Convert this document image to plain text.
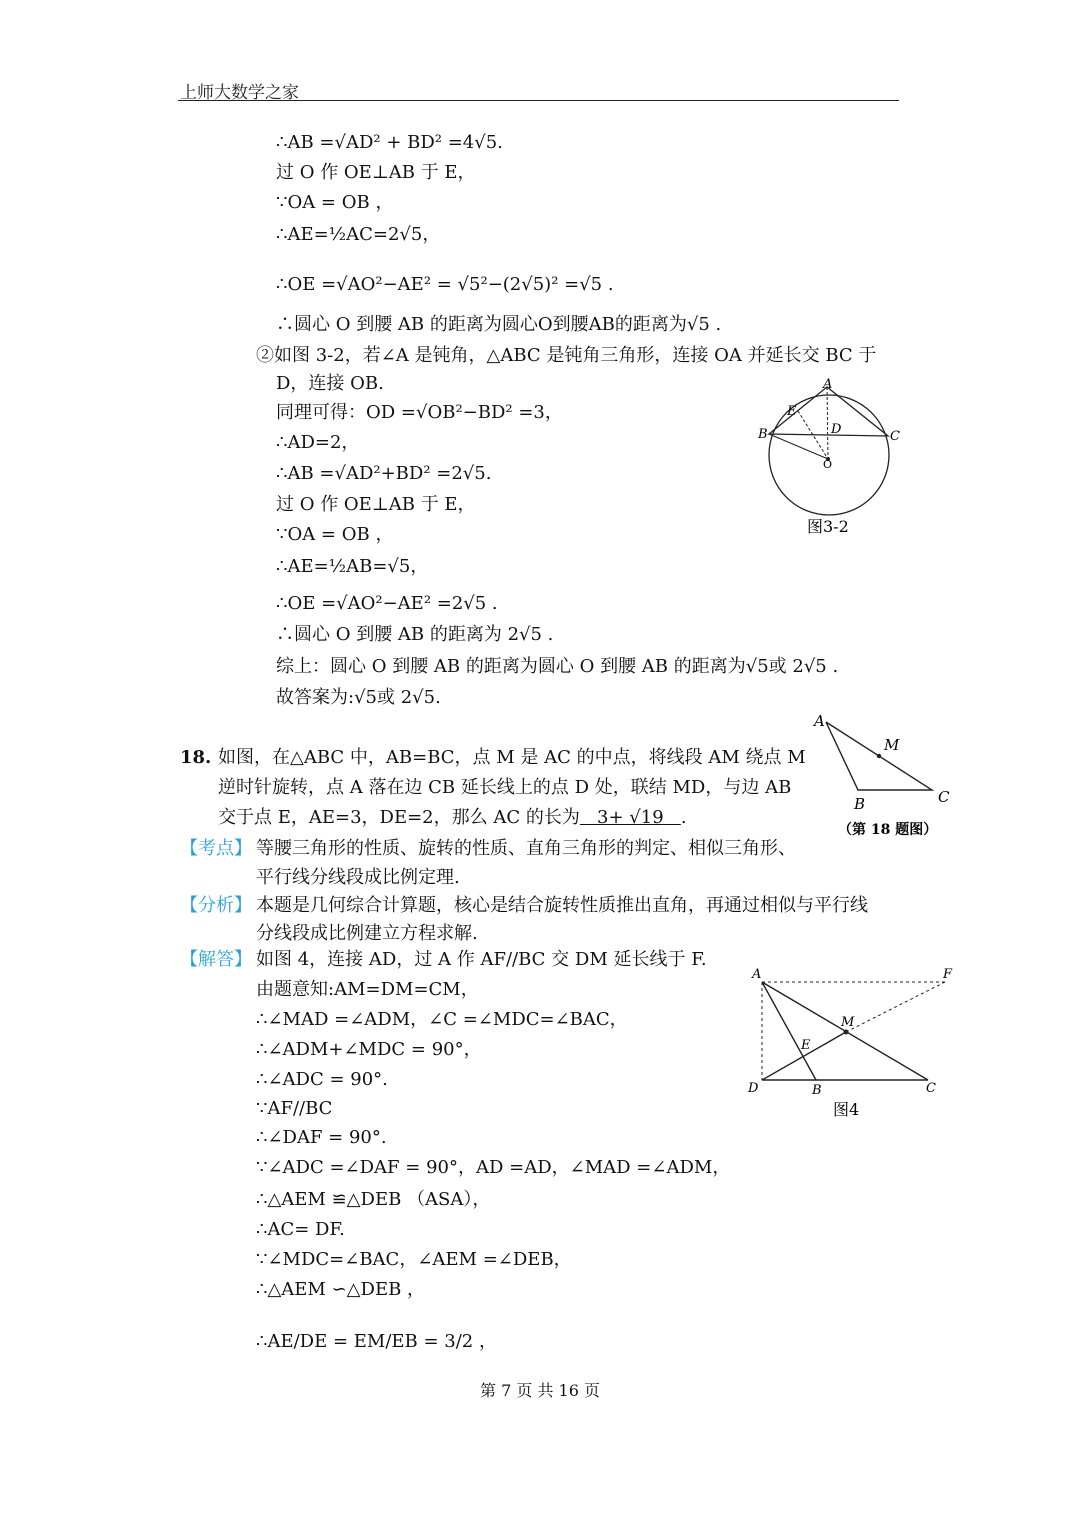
上师大数学之家
∴AB =√AD² + BD² =4√5.
过 O 作 OE⊥AB 于 E，
∵OA = OB ，
∴AE=½AC=2√5，
∴OE =√AO²−AE² = √5²−(2√5)² =√5 .
∴圆心 O 到腰 AB 的距离为圆心O到腰AB的距离为√5 .
②如图 3-2，若∠A 是钝角，△ABC 是钝角三角形，连接 OA 并延长交 BC 于
D，连接 OB.
同理可得：OD =√OB²−BD² =3，
∴AD=2，
∴AB =√AD²+BD² =2√5.
过 O 作 OE⊥AB 于 E，
∵OA = OB ，
∴AE=½AB=√5，
∴OE =√AO²−AE² =2√5 .
∴圆心 O 到腰 AB 的距离为 2√5 .
综上：圆心 O 到腰 AB 的距离为圆心 O 到腰 AB 的距离为√5或 2√5 .
故答案为:√5或 2√5.
A
B	C
D
E
O
图3-2
18. 如图，在△ABC 中，AB=BC，点 M 是 AC 的中点，将线段 AM 绕点 M
逆时针旋转，点 A 落在边 CB 延长线上的点 D 处，联结 MD，与边 AB
交于点 E，AE=3，DE=2，那么 AC 的长为 3+ √19 .
A
M
B	C
（第 18 题图）
【考点】 等腰三角形的性质、旋转的性质、直角三角形的判定、相似三角形、
平行线分线段成比例定理.
【分析】 本题是几何综合计算题，核心是结合旋转性质推出直角，再通过相似与平行线
分线段成比例建立方程求解.
【解答】 如图 4，连接 AD，过 A 作 AF//BC 交 DM 延长线于 F.
由题意知:AM=DM=CM，
∴∠MAD =∠ADM，∠C =∠MDC=∠BAC，
∴∠ADM+∠MDC = 90°，
∴∠ADC = 90°.
∵AF//BC
∴∠DAF = 90°.
∵∠ADC =∠DAF = 90°，AD =AD，∠MAD =∠ADM，
∴△AEM ≌△DEB （ASA），
∴AC= DF.
∵∠MDC=∠BAC，∠AEM =∠DEB，
∴△AEM ∽△DEB ，
∴AE/DE = EM/EB = 3/2 ，
A	F
M
E
D	B	C
图4
第 7 页 共 16 页
